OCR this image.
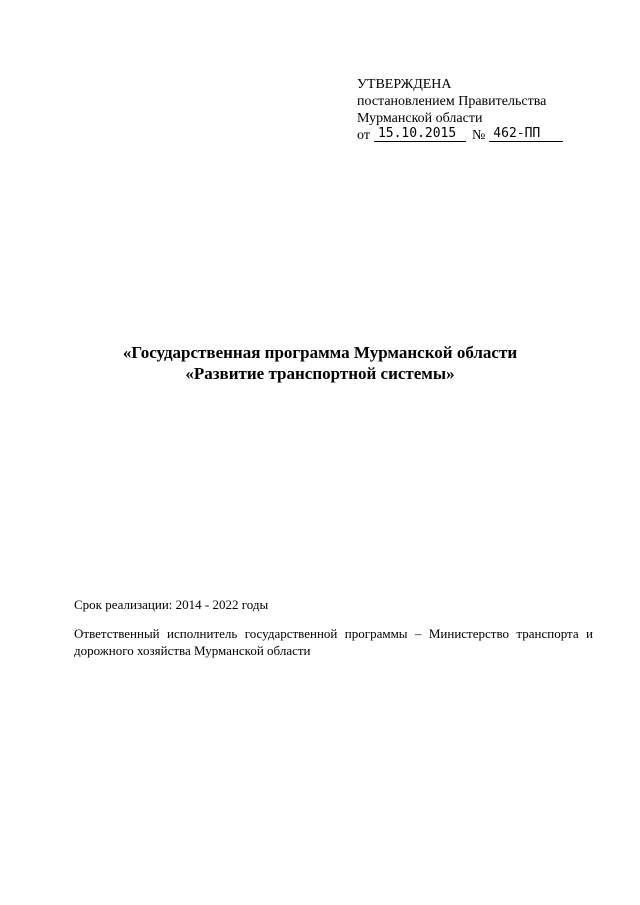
УТВЕРЖДЕНА
постановлением Правительства
Мурманской области
от 15.10.2015 № 462-ПП
«Государственная программа Мурманской области
«Развитие транспортной системы»
Срок реализации: 2014 - 2022 годы
Ответственный исполнитель государственной программы – Министерство транспорта и дорожного хозяйства Мурманской области
